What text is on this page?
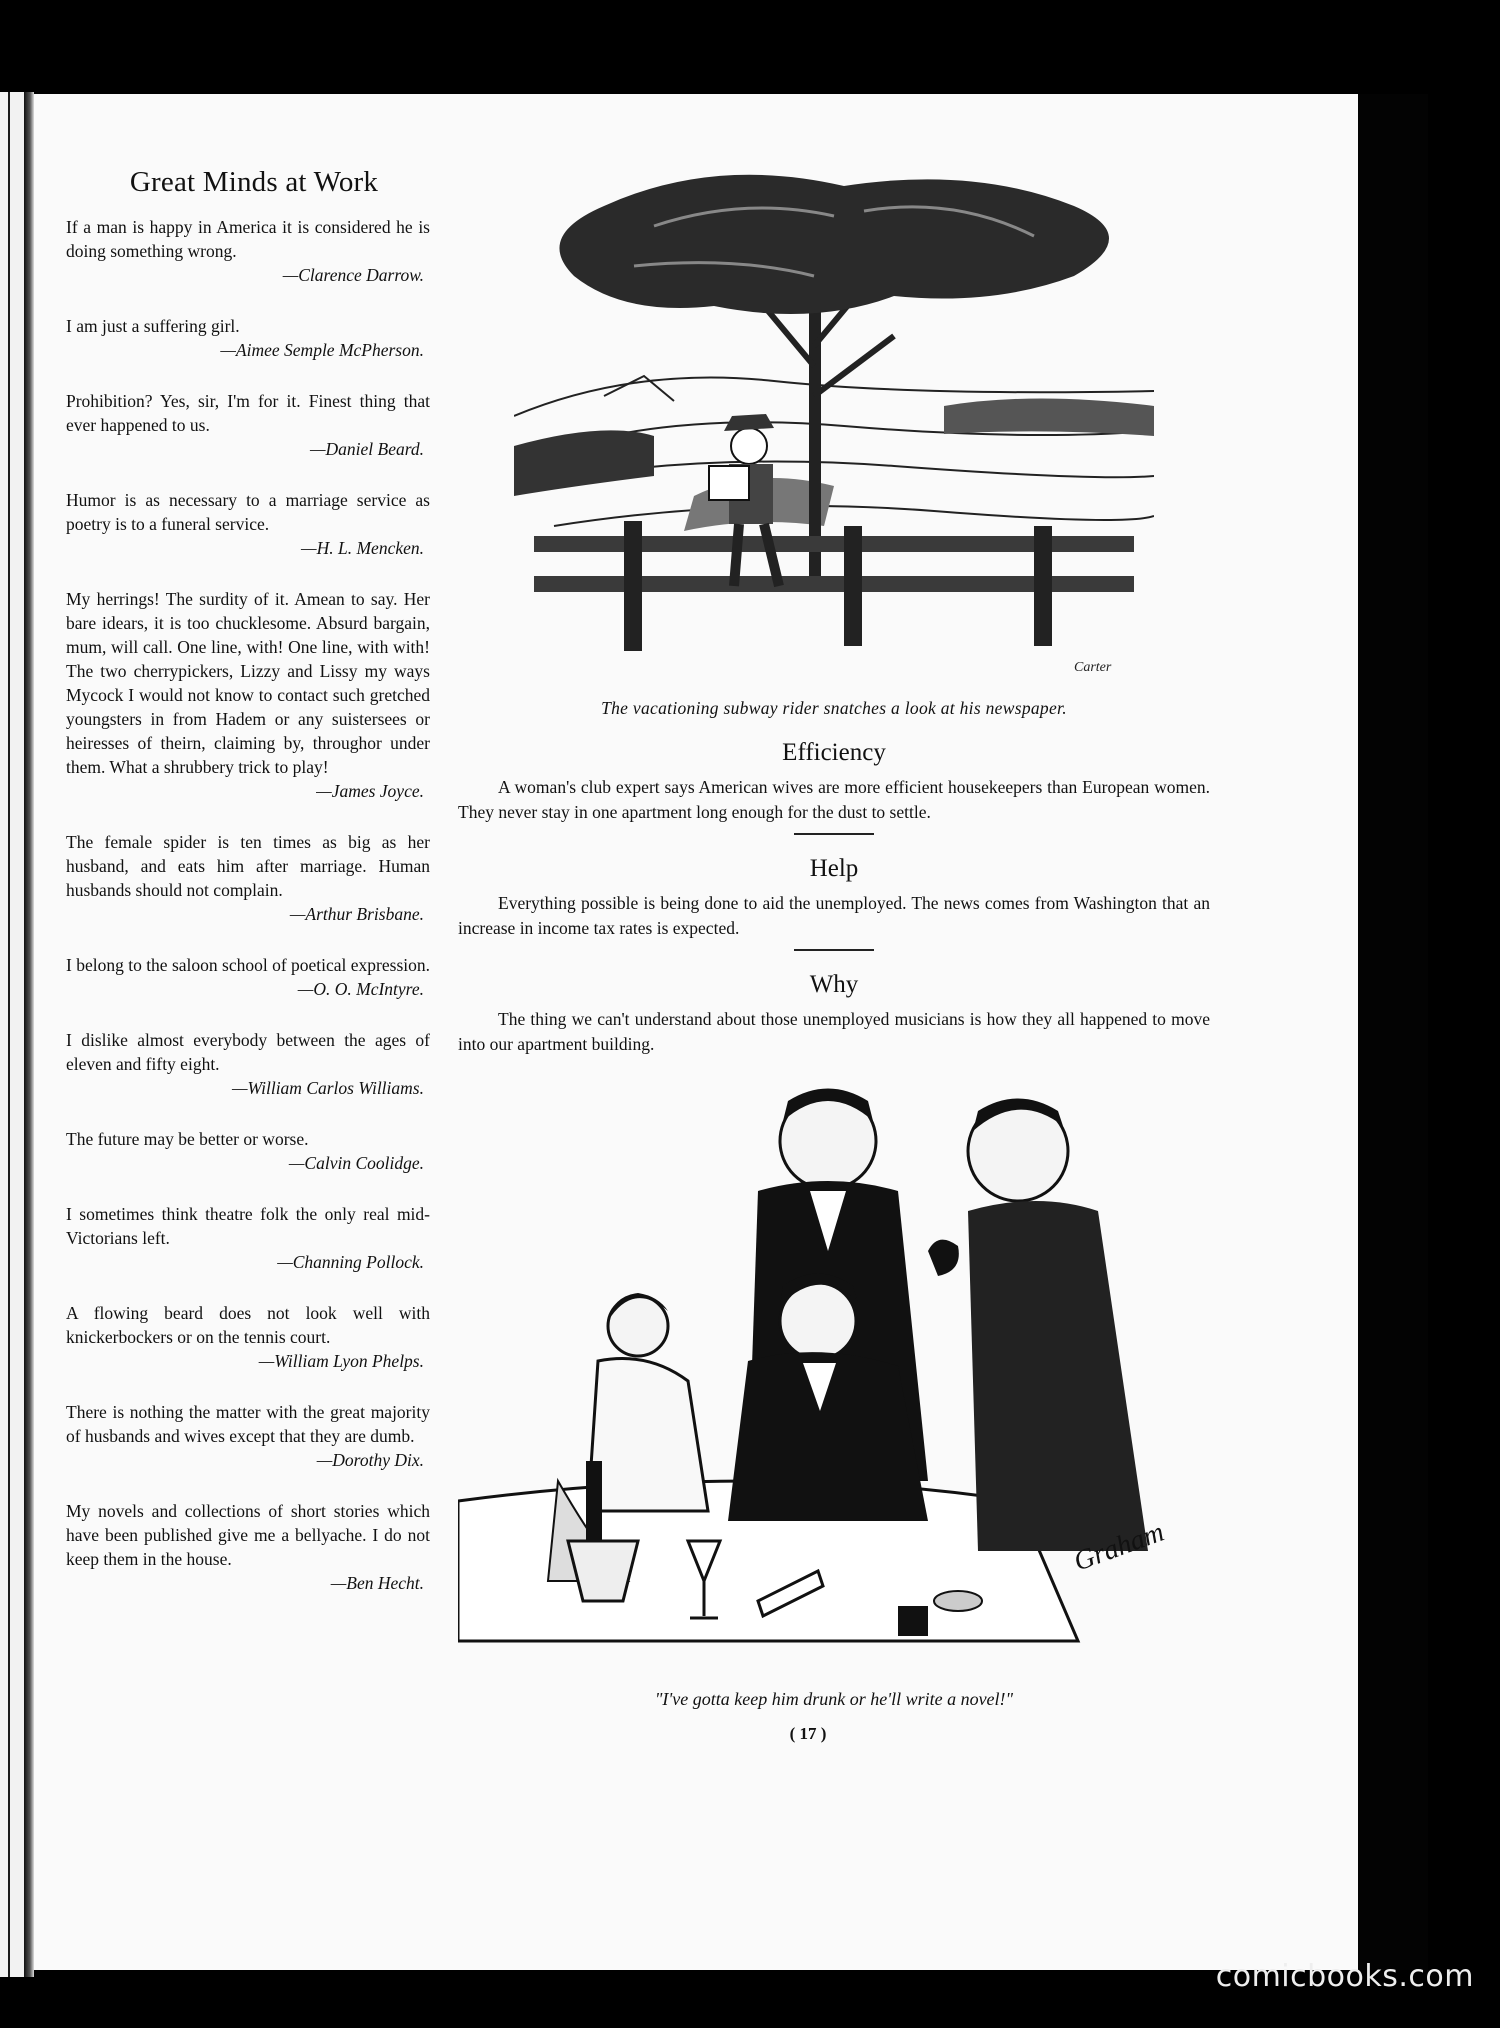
Great Minds at Work

If a man is happy in America it is considered he is doing something wrong.
—Clarence Darrow.

I am just a suffering girl.
—Aimee Semple McPherson.

Prohibition? Yes, sir, I'm for it. Finest thing that ever happened to us.
—Daniel Beard.

Humor is as necessary to a marriage service as poetry is to a funeral service.
—H. L. Mencken.

My herrings! The surdity of it. Amean to say. Her bare idears, it is too chucklesome. Absurd bargain, mum, will call. One line, with! One line, with with! The two cherrypickers, Lizzy and Lissy my ways Mycock I would not know to contact such gretched youngsters in from Hadem or any suistersees or heiresses of theirn, claiming by, throughor under them. What a shrubbery trick to play!
—James Joyce.

The female spider is ten times as big as her husband, and eats him after marriage. Human husbands should not complain.
—Arthur Brisbane.

I belong to the saloon school of poetical expression.
—O. O. McIntyre.

I dislike almost everybody between the ages of eleven and fifty eight.
—William Carlos Williams.

The future may be better or worse.
—Calvin Coolidge.

I sometimes think theatre folk the only real mid-Victorians left.
—Channing Pollock.

A flowing beard does not look well with knickerbockers or on the tennis court.
—William Lyon Phelps.

There is nothing the matter with the great majority of husbands and wives except that they are dumb.
—Dorothy Dix.

My novels and collections of short stories which have been published give me a bellyache. I do not keep them in the house.
—Ben Hecht.

Carter
The vacationing subway rider snatches a look at his newspaper.
Efficiency

A woman's club expert says American wives are more efficient housekeepers than European women. They never stay in one apartment long enough for the dust to settle.

Help

Everything possible is being done to aid the unemployed. The news comes from Washington that an increase in income tax rates is expected.

Why

The thing we can't understand about those unemployed musicians is how they all happened to move into our apartment building.

Graham
"I've gotta keep him drunk or he'll write a novel!"
( 17 )
comicbooks.com
